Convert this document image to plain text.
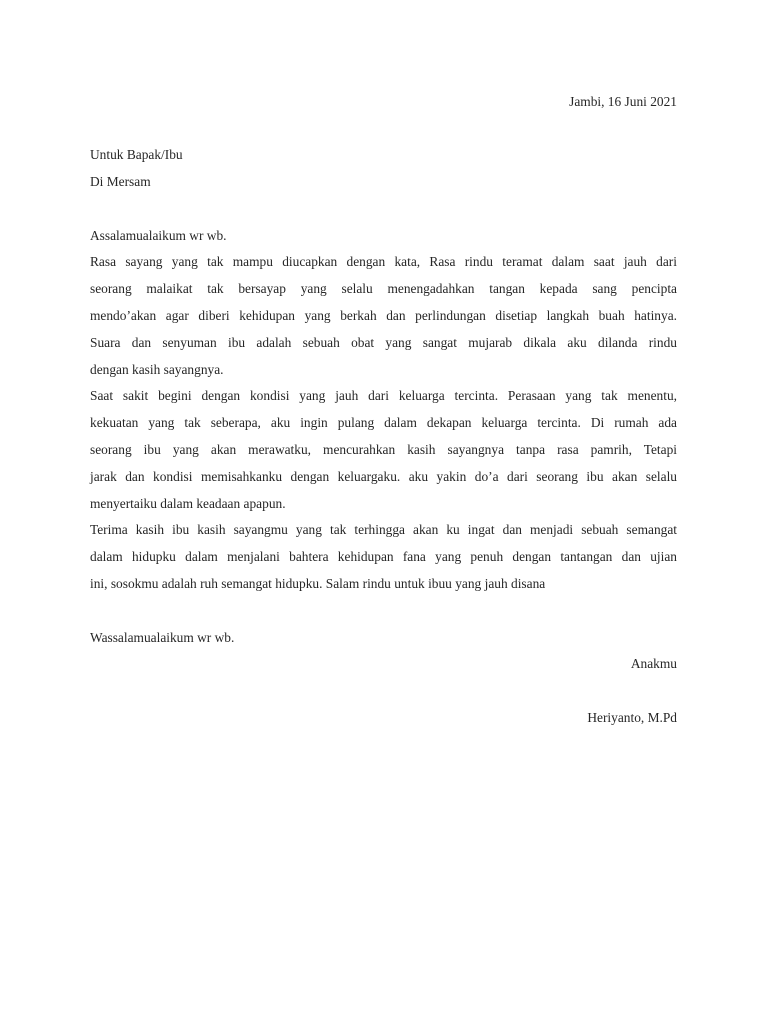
Jambi, 16 Juni 2021
Untuk Bapak/Ibu
Di Mersam
Assalamualaikum wr wb.
Rasa sayang yang tak mampu diucapkan dengan kata, Rasa rindu teramat dalam saat jauh dari
seorang malaikat tak bersayap yang selalu menengadahkan tangan kepada sang pencipta
mendo’akan agar diberi kehidupan yang berkah dan perlindungan disetiap langkah buah hatinya.
Suara dan senyuman ibu adalah sebuah obat yang sangat mujarab dikala aku dilanda rindu
dengan kasih sayangnya.
Saat sakit begini dengan kondisi yang jauh dari keluarga tercinta. Perasaan yang tak menentu,
kekuatan yang tak seberapa, aku ingin pulang dalam dekapan keluarga tercinta. Di rumah ada
seorang ibu yang akan merawatku, mencurahkan kasih sayangnya tanpa rasa pamrih, Tetapi
jarak dan kondisi memisahkanku dengan keluargaku. aku yakin do’a dari seorang ibu akan selalu
menyertaiku dalam keadaan apapun.
Terima kasih ibu kasih sayangmu yang tak terhingga akan ku ingat dan menjadi sebuah semangat
dalam hidupku dalam menjalani bahtera kehidupan fana yang penuh dengan tantangan dan ujian
ini, sosokmu adalah ruh semangat hidupku. Salam rindu untuk ibuu yang jauh disana
Wassalamualaikum wr wb.
Anakmu
Heriyanto, M.Pd
